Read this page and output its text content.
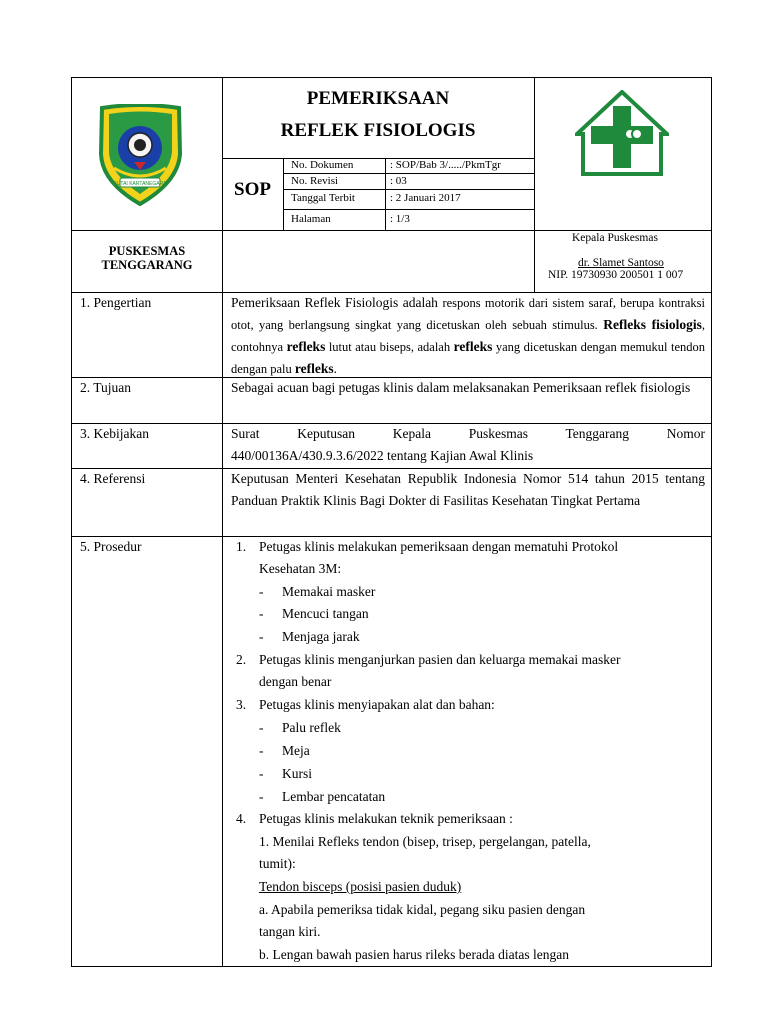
KUTAI KARTANEGARA
PEMERIKSAAN
REFLEK FISIOLOGIS
SOP
No. Dokumen	: SOP/Bab 3/...../PkmTgr
No. Revisi	: 03
Tanggal Terbit	: 2 Januari 2017
Halaman	: 1/3
PUSKESMAS
TENGGARANG
Kepala Puskesmas
dr. Slamet Santoso
NIP. 19730930 200501 1 007
1. Pengertian	Pemeriksaan Reflek Fisiologis adalah respons motorik dari sistem saraf, berupa kontraksi otot, yang berlangsung singkat yang dicetuskan oleh sebuah stimulus. Refleks fisiologis, contohnya refleks lutut atau biseps, adalah refleks yang dicetuskan dengan memukul tendon dengan palu refleks.
2. Tujuan	Sebagai acuan bagi petugas klinis dalam melaksanakan Pemeriksaan reflek fisiologis
3. Kebijakan	Surat Keputusan Kepala Puskesmas Tenggarang Nomor
440/00136A/430.9.3.6/2022 tentang Kajian Awal Klinis
4. Referensi	Keputusan Menteri Kesehatan Republik Indonesia Nomor 514 tahun 2015 tentang Panduan Praktik Klinis Bagi Dokter di Fasilitas Kesehatan Tingkat Pertama
5. Prosedur	1. Petugas klinis melakukan pemeriksaan dengan mematuhi Protokol
Kesehatan 3M:
- Memakai masker
- Mencuci tangan
- Menjaga jarak
2. Petugas klinis menganjurkan pasien dan keluarga memakai masker
dengan benar
3. Petugas klinis menyiapakan alat dan bahan:
- Palu reflek
- Meja
- Kursi
- Lembar pencatatan
4. Petugas klinis melakukan teknik pemeriksaan :
1. Menilai Refleks tendon (bisep, trisep, pergelangan, patella,
tumit):
Tendon bisceps (posisi pasien duduk)
a. Apabila pemeriksa tidak kidal, pegang siku pasien dengan
tangan kiri.
b. Lengan bawah pasien harus rileks berada diatas lengan
